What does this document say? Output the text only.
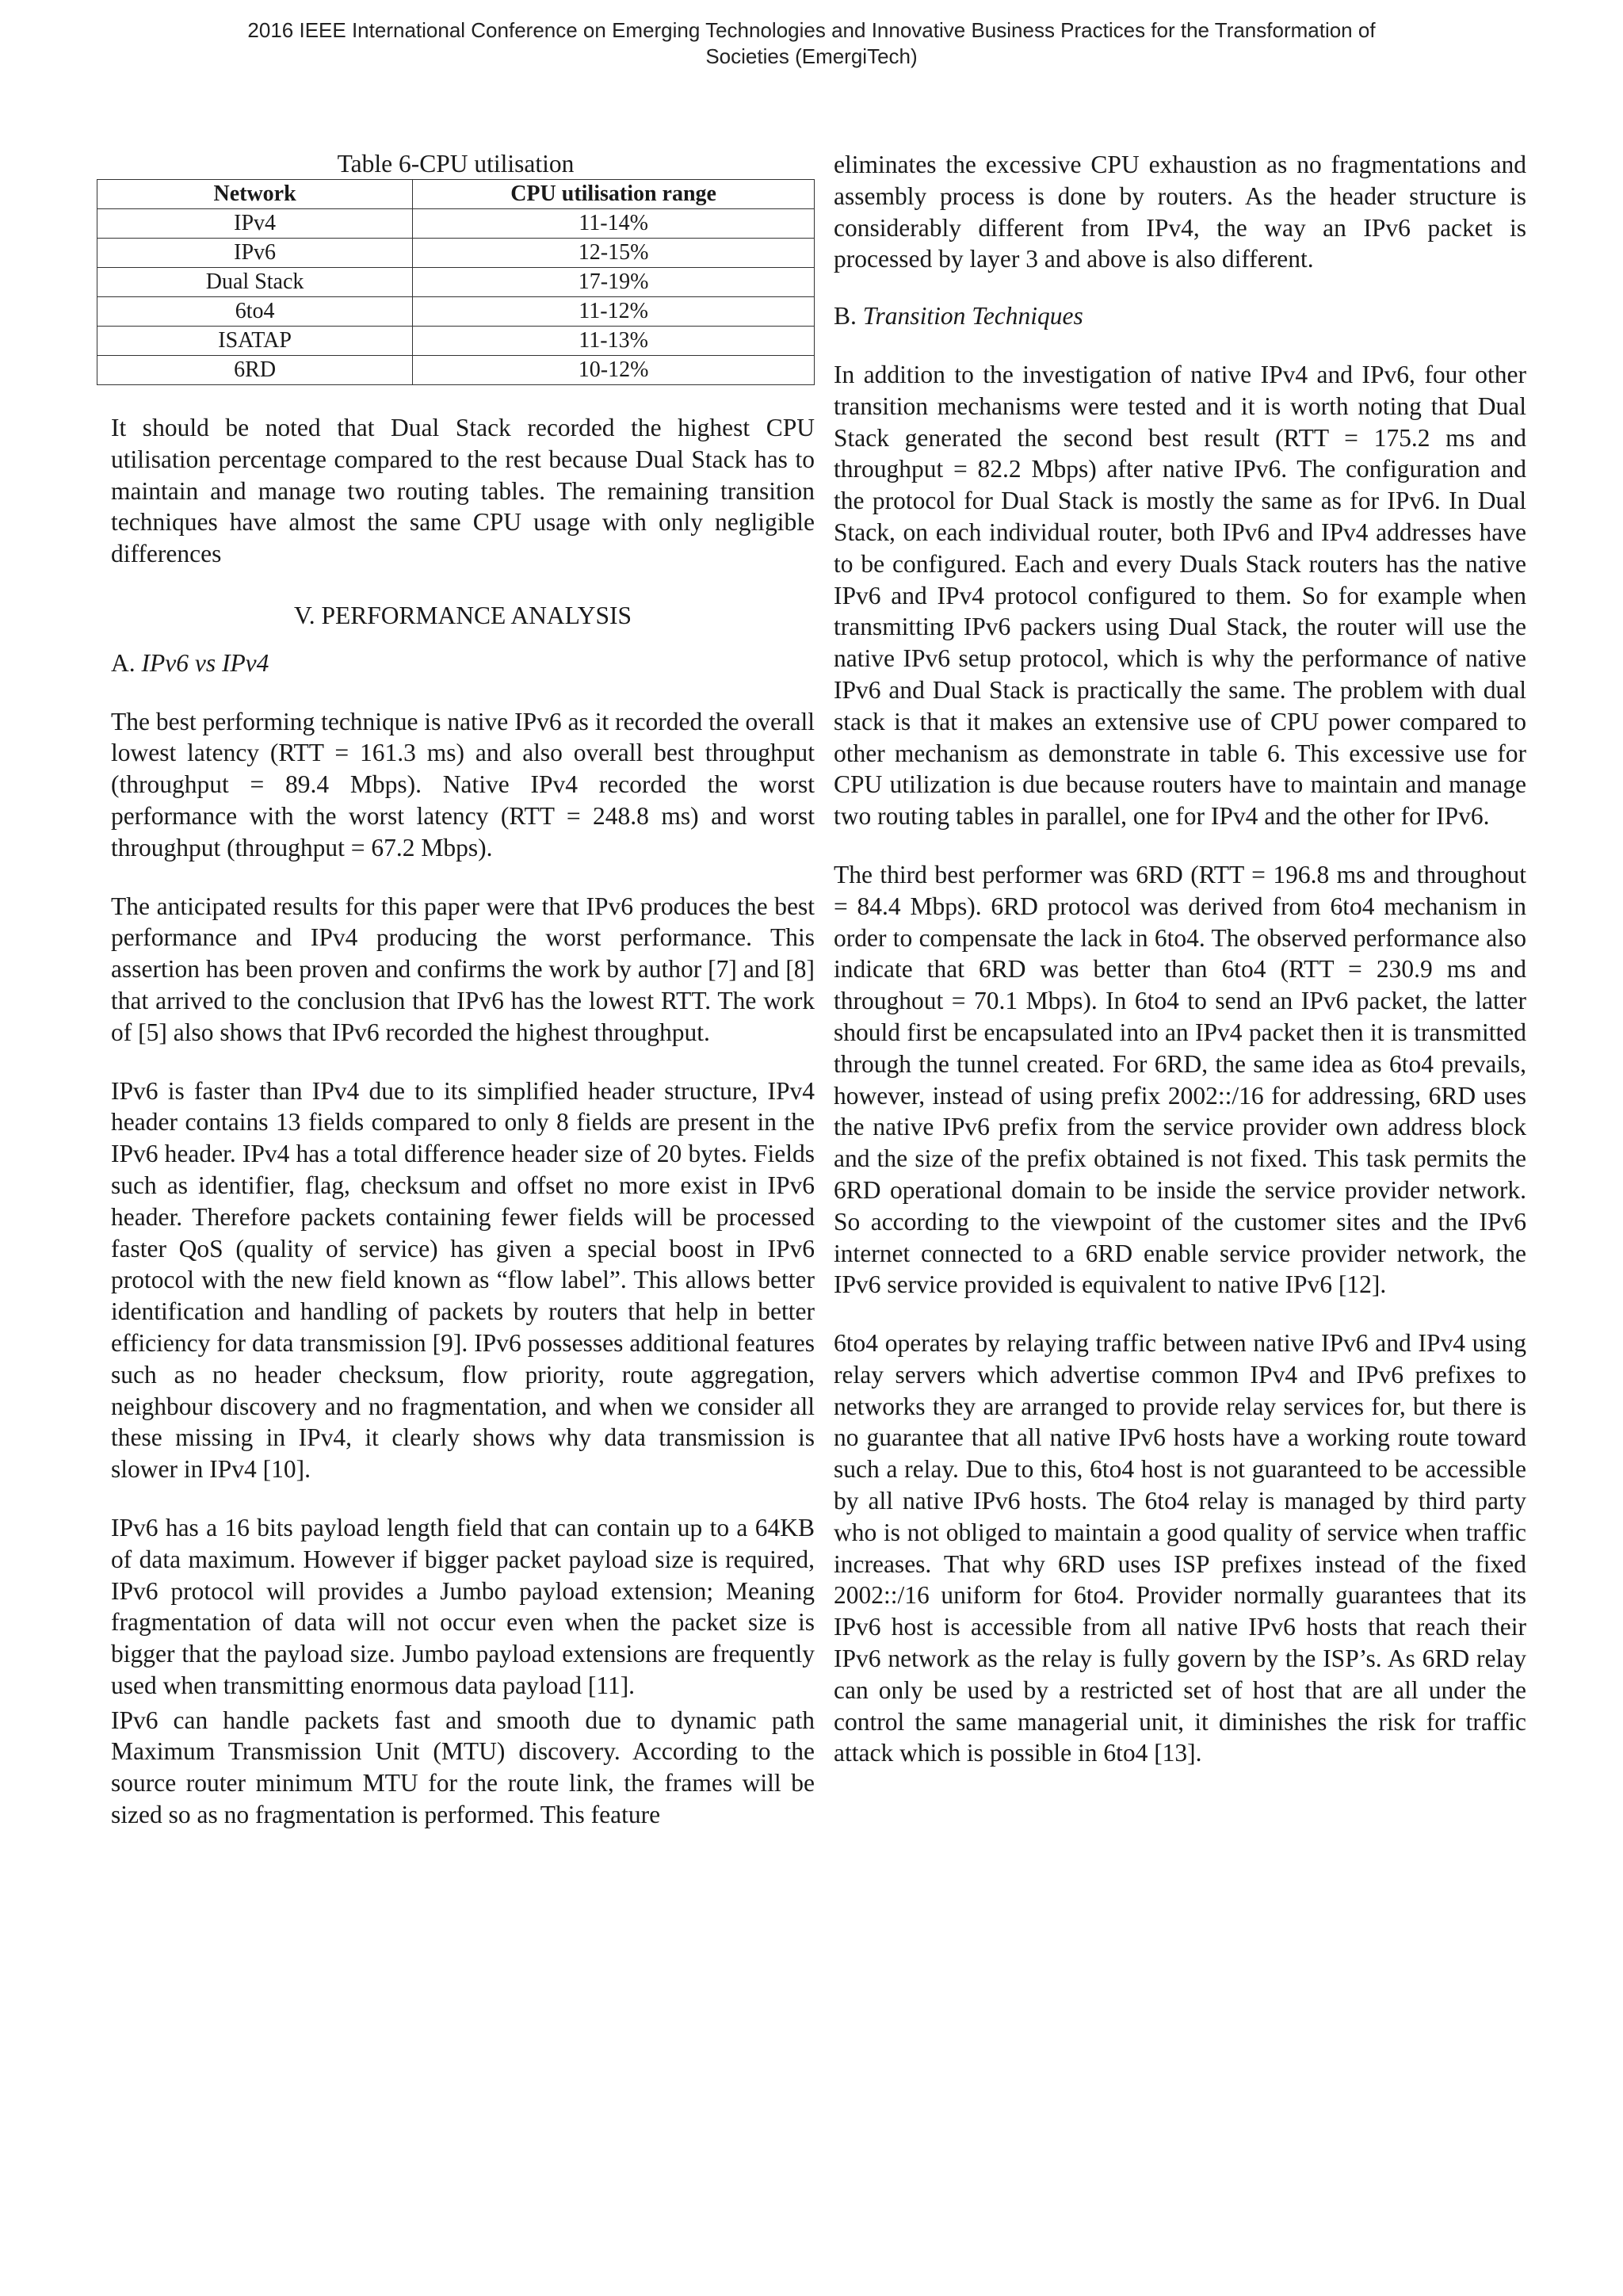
2016 IEEE International Conference on Emerging Technologies and Innovative Business Practices for the Transformation of
Societies (EmergiTech)

Table 6-CPU utilisation

Network	CPU utilisation range
IPv4	11-14%
IPv6	12-15%
Dual Stack	17-19%
6to4	11-12%
ISATAP	11-13%
6RD	10-12%

It should be noted that Dual Stack recorded the highest CPU utilisation percentage compared to the rest because Dual Stack has to maintain and manage two routing tables. The remaining transition techniques have almost the same CPU usage with only negligible differences

V. PERFORMANCE ANALYSIS

A. IPv6 vs IPv4

The best performing technique is native IPv6 as it recorded the overall lowest latency (RTT = 161.3 ms) and also overall best throughput (throughput = 89.4 Mbps). Native IPv4 recorded the worst performance with the worst latency (RTT = 248.8 ms) and worst throughput (throughput = 67.2 Mbps).

The anticipated results for this paper were that IPv6 produces the best performance and IPv4 producing the worst performance. This assertion has been proven and confirms the work by author [7] and [8] that arrived to the conclusion that IPv6 has the lowest RTT. The work of [5] also shows that IPv6 recorded the highest throughput.

IPv6 is faster than IPv4 due to its simplified header structure, IPv4 header contains 13 fields compared to only 8 fields are present in the IPv6 header. IPv4 has a total difference header size of 20 bytes. Fields such as identifier, flag, checksum and offset no more exist in IPv6 header. Therefore packets containing fewer fields will be processed faster QoS (quality of service) has given a special boost in IPv6 protocol with the new field known as “flow label”. This allows better identification and handling of packets by routers that help in better efficiency for data transmission [9]. IPv6 possesses additional features such as no header checksum, flow priority, route aggregation, neighbour discovery and no fragmentation, and when we consider all these missing in IPv4, it clearly shows why data transmission is slower in IPv4 [10].

IPv6 has a 16 bits payload length field that can contain up to a 64KB of data maximum. However if bigger packet payload size is required, IPv6 protocol will provides a Jumbo payload extension; Meaning fragmentation of data will not occur even when the packet size is bigger that the payload size. Jumbo payload extensions are frequently used when transmitting enormous data payload [11].

IPv6 can handle packets fast and smooth due to dynamic path Maximum Transmission Unit (MTU) discovery. According to the source router minimum MTU for the route link, the frames will be sized so as no fragmentation is performed. This feature

eliminates the excessive CPU exhaustion as no fragmentations and assembly process is done by routers. As the header structure is considerably different from IPv4, the way an IPv6 packet is processed by layer 3 and above is also different.

B. Transition Techniques

In addition to the investigation of native IPv4 and IPv6, four other transition mechanisms were tested and it is worth noting that Dual Stack generated the second best result (RTT = 175.2 ms and throughput = 82.2 Mbps) after native IPv6. The configuration and the protocol for Dual Stack is mostly the same as for IPv6. In Dual Stack, on each individual router, both IPv6 and IPv4 addresses have to be configured. Each and every Duals Stack routers has the native IPv6 and IPv4 protocol configured to them. So for example when transmitting IPv6 packers using Dual Stack, the router will use the native IPv6 setup protocol, which is why the performance of native IPv6 and Dual Stack is practically the same. The problem with dual stack is that it makes an extensive use of CPU power compared to other mechanism as demonstrate in table 6. This excessive use for CPU utilization is due because routers have to maintain and manage two routing tables in parallel, one for IPv4 and the other for IPv6.

The third best performer was 6RD (RTT = 196.8 ms and throughout = 84.4 Mbps). 6RD protocol was derived from 6to4 mechanism in order to compensate the lack in 6to4. The observed performance also indicate that 6RD was better than 6to4 (RTT = 230.9 ms and throughout = 70.1 Mbps). In 6to4 to send an IPv6 packet, the latter should first be encapsulated into an IPv4 packet then it is transmitted through the tunnel created. For 6RD, the same idea as 6to4 prevails, however, instead of using prefix 2002::/16 for addressing, 6RD uses the native IPv6 prefix from the service provider own address block and the size of the prefix obtained is not fixed. This task permits the 6RD operational domain to be inside the service provider network. So according to the viewpoint of the customer sites and the IPv6 internet connected to a 6RD enable service provider network, the IPv6 service provided is equivalent to native IPv6 [12].

6to4 operates by relaying traffic between native IPv6 and IPv4 using relay servers which advertise common IPv4 and IPv6 prefixes to networks they are arranged to provide relay services for, but there is no guarantee that all native IPv6 hosts have a working route toward such a relay. Due to this, 6to4 host is not guaranteed to be accessible by all native IPv6 hosts. The 6to4 relay is managed by third party who is not obliged to maintain a good quality of service when traffic increases. That why 6RD uses ISP prefixes instead of the fixed 2002::/16 uniform for 6to4. Provider normally guarantees that its IPv6 host is accessible from all native IPv6 hosts that reach their IPv6 network as the relay is fully govern by the ISP’s. As 6RD relay can only be used by a restricted set of host that are all under the control the same managerial unit, it diminishes the risk for traffic attack which is possible in 6to4 [13].
